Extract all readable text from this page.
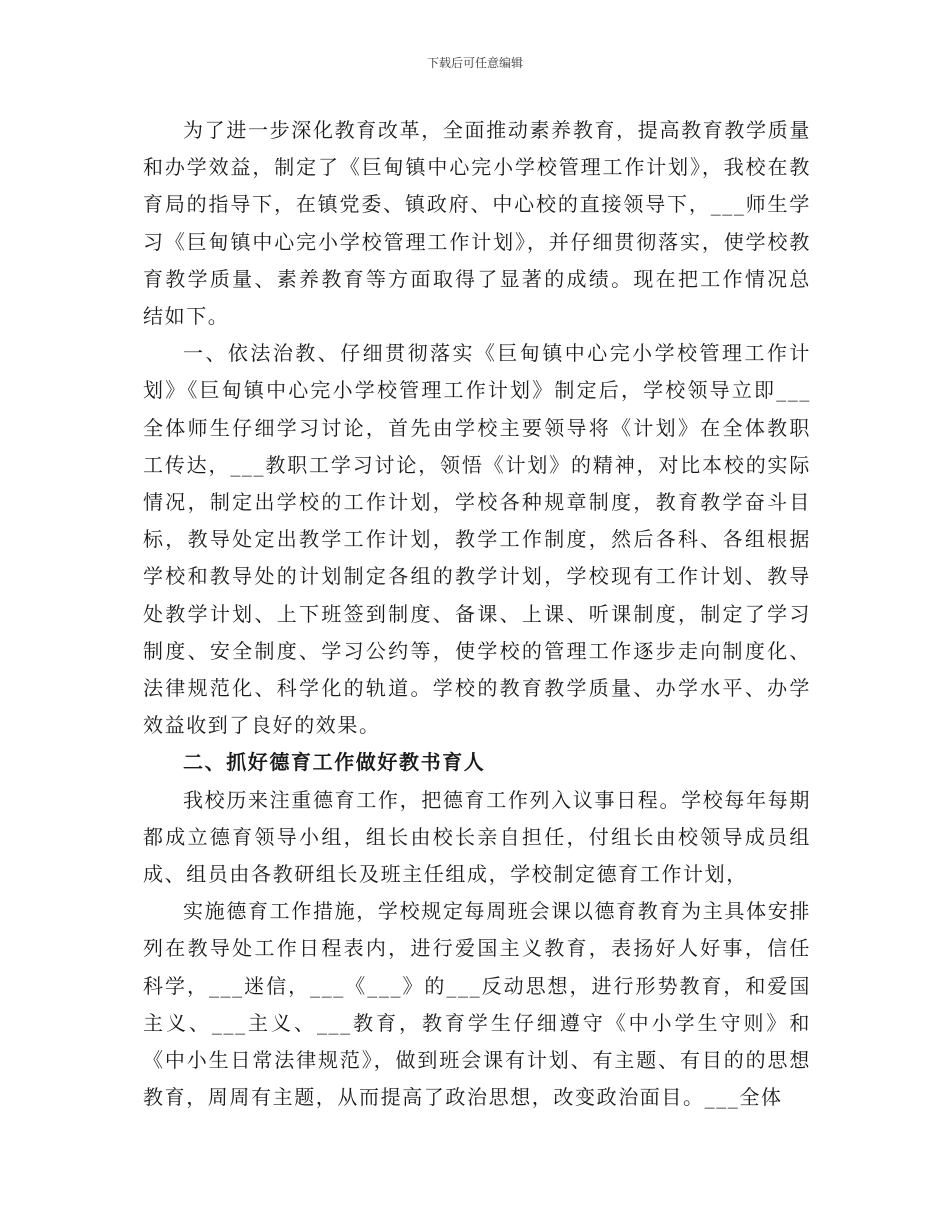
下载后可任意编辑

为了进一步深化教育改革，全面推动素养教育，提高教育教学质量和办学效益，制定了《巨甸镇中心完小学校管理工作计划》，我校在教育局的指导下，在镇党委、镇政府、中心校的直接领导下，___师生学习《巨甸镇中心完小学校管理工作计划》，并仔细贯彻落实，使学校教育教学质量、素养教育等方面取得了显著的成绩。现在把工作情况总结如下。

一、依法治教、仔细贯彻落实《巨甸镇中心完小学校管理工作计划》《巨甸镇中心完小学校管理工作计划》制定后，学校领导立即___全体师生仔细学习讨论，首先由学校主要领导将《计划》在全体教职工传达，___教职工学习讨论，领悟《计划》的精神，对比本校的实际情况，制定出学校的工作计划，学校各种规章制度，教育教学奋斗目标，教导处定出教学工作计划，教学工作制度，然后各科、各组根据学校和教导处的计划制定各组的教学计划，学校现有工作计划、教导处教学计划、上下班签到制度、备课、上课、听课制度，制定了学习制度、安全制度、学习公约等，使学校的管理工作逐步走向制度化、法律规范化、科学化的轨道。学校的教育教学质量、办学水平、办学效益收到了良好的效果。

二、抓好德育工作做好教书育人

我校历来注重德育工作，把德育工作列入议事日程。学校每年每期都成立德育领导小组，组长由校长亲自担任，付组长由校领导成员组成、组员由各教研组长及班主任组成，学校制定德育工作计划，

实施德育工作措施，学校规定每周班会课以德育教育为主具体安排列在教导处工作日程表内，进行爱国主义教育，表扬好人好事，信任科学，___迷信，___《___》的___反动思想，进行形势教育，和爱国主义、___主义、___教育，教育学生仔细遵守《中小学生守则》和《中小生日常法律规范》，做到班会课有计划、有主题、有目的的思想教育，周周有主题，从而提高了政治思想，改变政治面目。___全体
